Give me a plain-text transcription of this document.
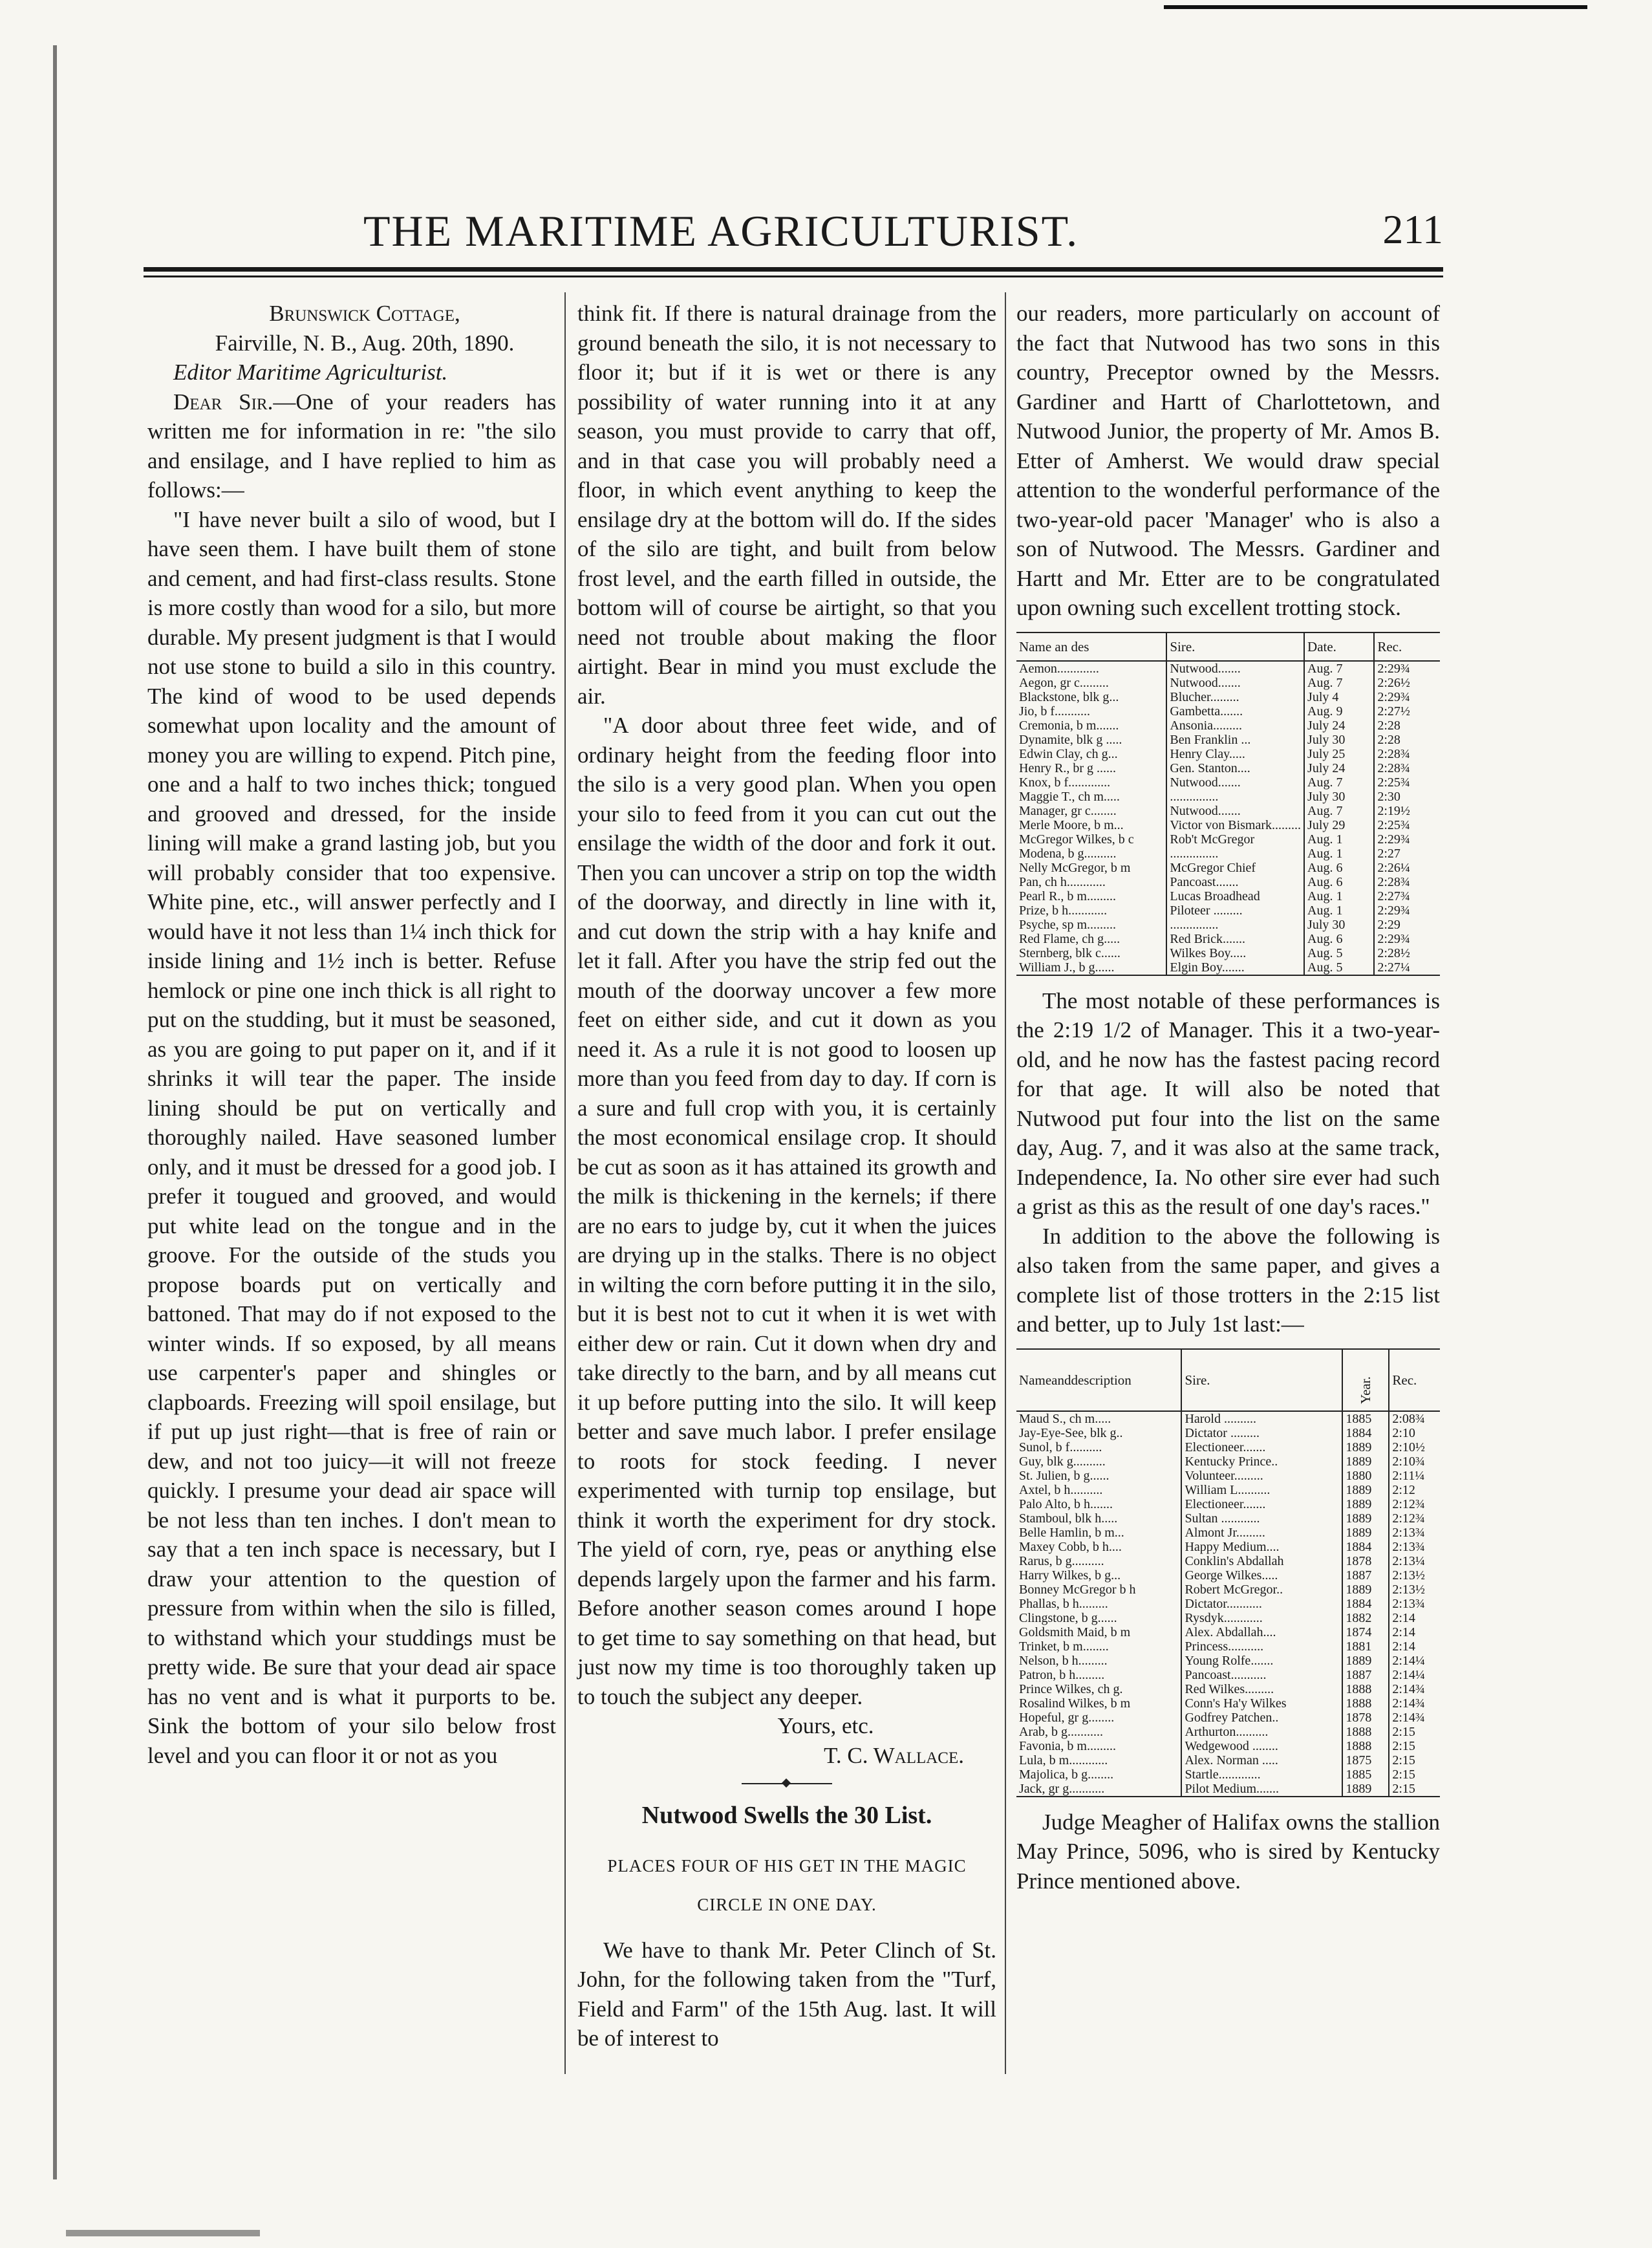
THE MARITIME AGRICULTURIST.	211

Brunswick Cottage,

Fairville, N. B., Aug. 20th, 1890.

Editor Maritime Agriculturist.

Dear Sir.—One of your readers has written me for information in re: "the silo and ensilage, and I have replied to him as follows:—

"I have never built a silo of wood, but I have seen them. I have built them of stone and cement, and had first-class results. Stone is more costly than wood for a silo, but more durable. My present judgment is that I would not use stone to build a silo in this country. The kind of wood to be used depends somewhat upon locality and the amount of money you are willing to expend. Pitch pine, one and a half to two inches thick; tongued and grooved and dressed, for the inside lining will make a grand lasting job, but you will probably consider that too expensive. White pine, etc., will answer perfectly and I would have it not less than 1¼ inch thick for inside lining and 1½ inch is better. Refuse hemlock or pine one inch thick is all right to put on the studding, but it must be seasoned, as you are going to put paper on it, and if it shrinks it will tear the paper. The inside lining should be put on vertically and thoroughly nailed. Have seasoned lumber only, and it must be dressed for a good job. I prefer it tougued and grooved, and would put white lead on the tongue and in the groove. For the outside of the studs you propose boards put on vertically and battoned. That may do if not exposed to the winter winds. If so exposed, by all means use carpenter's paper and shingles or clapboards. Freezing will spoil ensilage, but if put up just right—that is free of rain or dew, and not too juicy—it will not freeze quickly. I presume your dead air space will be not less than ten inches. I don't mean to say that a ten inch space is necessary, but I draw your attention to the question of pressure from within when the silo is filled, to withstand which your studdings must be pretty wide. Be sure that your dead air space has no vent and is what it purports to be. Sink the bottom of your silo below frost level and you can floor it or not as you

think fit. If there is natural drainage from the ground beneath the silo, it is not necessary to floor it; but if it is wet or there is any possibility of water running into it at any season, you must provide to carry that off, and in that case you will probably need a floor, in which event anything to keep the ensilage dry at the bottom will do. If the sides of the silo are tight, and built from below frost level, and the earth filled in outside, the bottom will of course be airtight, so that you need not trouble about making the floor airtight. Bear in mind you must exclude the air.

"A door about three feet wide, and of ordinary height from the feeding floor into the silo is a very good plan. When you open your silo to feed from it you can cut out the ensilage the width of the door and fork it out. Then you can uncover a strip on top the width of the doorway, and directly in line with it, and cut down the strip with a hay knife and let it fall. After you have the strip fed out the mouth of the doorway uncover a few more feet on either side, and cut it down as you need it. As a rule it is not good to loosen up more than you feed from day to day. If corn is a sure and full crop with you, it is certainly the most economical ensilage crop. It should be cut as soon as it has attained its growth and the milk is thickening in the kernels; if there are no ears to judge by, cut it when the juices are drying up in the stalks. There is no object in wilting the corn before putting it in the silo, but it is best not to cut it when it is wet with either dew or rain. Cut it down when dry and take directly to the barn, and by all means cut it up before putting into the silo. It will keep better and save much labor. I prefer ensilage to roots for stock feeding. I never experimented with turnip top ensilage, but think it worth the experiment for dry stock. The yield of corn, rye, peas or anything else depends largely upon the farmer and his farm. Before another season comes around I hope to get time to say something on that head, but just now my time is too thoroughly taken up to touch the subject any deeper.

Yours, etc.

T. C. Wallace.

Nutwood Swells the 30 List.

PLACES FOUR OF HIS GET IN THE MAGIC CIRCLE IN ONE DAY.

We have to thank Mr. Peter Clinch of St. John, for the following taken from the "Turf, Field and Farm" of the 15th Aug. last. It will be of interest to

our readers, more particularly on account of the fact that Nutwood has two sons in this country, Preceptor owned by the Messrs. Gardiner and Hartt of Charlottetown, and Nutwood Junior, the property of Mr. Amos B. Etter of Amherst. We would draw special attention to the wonderful performance of the two-year-old pacer 'Manager' who is also a son of Nutwood. The Messrs. Gardiner and Hartt and Mr. Etter are to be congratulated upon owning such excellent trotting stock.

Name an des	Sire.	Date.	Rec.
Aemon.............	Nutwood.......	Aug. 7	2:29¾
Aegon, gr c.........	Nutwood.......	Aug. 7	2:26½
Blackstone, blk g...	Blucher.........	July 4	2:29¾
Jio, b f...........	Gambetta.......	Aug. 9	2:27½
Cremonia, b m.......	Ansonia.........	July 24	2:28
Dynamite, blk g .....	Ben Franklin ...	July 30	2:28
Edwin Clay, ch g...	Henry Clay.....	July 25	2:28¾
Henry R., br g ......	Gen. Stanton....	July 24	2:28¾
Knox, b f.............	Nutwood.......	Aug. 7	2:25¾
Maggie T., ch m.....	...............	July 30	2:30
Manager, gr c........	Nutwood.......	Aug. 7	2:19½
Merle Moore, b m...	Victor von Bismark.........	July 29	2:25¾
McGregor Wilkes, b c	Rob't McGregor	Aug. 1	2:29¾
Modena, b g..........	...............	Aug. 1	2:27
Nelly McGregor, b m	McGregor Chief	Aug. 6	2:26¼
Pan, ch h............	Pancoast.......	Aug. 6	2:28¾
Pearl R., b m.........	Lucas Broadhead	Aug. 1	2:27¾
Prize, b h............	Piloteer .........	Aug. 1	2:29¾
Psyche, sp m.........	...............	July 30	2:29
Red Flame, ch g.....	Red Brick.......	Aug. 6	2:29¾
Sternberg, blk c......	Wilkes Boy.....	Aug. 5	2:28½
William J., b g......	Elgin Boy.......	Aug. 5	2:27¼

The most notable of these performances is the 2:19 1/2 of Manager. This it a two-year-old, and he now has the fastest pacing record for that age. It will also be noted that Nutwood put four into the list on the same day, Aug. 7, and it was also at the same track, Independence, Ia. No other sire ever had such a grist as this as the result of one day's races."

In addition to the above the following is also taken from the same paper, and gives a complete list of those trotters in the 2:15 list and better, up to July 1st last:—

Nameanddescription	Sire.	Year.	Rec.
Maud S., ch m.....	Harold ..........	1885	2:08¾
Jay-Eye-See, blk g..	Dictator .........	1884	2:10
Sunol, b f..........	Electioneer.......	1889	2:10½
Guy, blk g..........	Kentucky Prince..	1889	2:10¾
St. Julien, b g......	Volunteer.........	1880	2:11¼
Axtel, b h..........	William L..........	1889	2:12
Palo Alto, b h.......	Electioneer.......	1889	2:12¾
Stamboul, blk h.....	Sultan ............	1889	2:12¾
Belle Hamlin, b m...	Almont Jr.........	1889	2:13¾
Maxey Cobb, b h....	Happy Medium....	1884	2:13¾
Rarus, b g..........	Conklin's Abdallah	1878	2:13¼
Harry Wilkes, b g...	George Wilkes.....	1887	2:13½
Bonney McGregor b h	Robert McGregor..	1889	2:13½
Phallas, b h.........	Dictator...........	1884	2:13¾
Clingstone, b g......	Rysdyk............	1882	2:14
Goldsmith Maid, b m	Alex. Abdallah....	1874	2:14
Trinket, b m........	Princess...........	1881	2:14
Nelson, b h.........	Young Rolfe.......	1889	2:14¼
Patron, b h.........	Pancoast...........	1887	2:14¼
Prince Wilkes, ch g.	Red Wilkes.........	1888	2:14¾
Rosalind Wilkes, b m	Conn's Ha'y Wilkes	1888	2:14¾
Hopeful, gr g........	Godfrey Patchen..	1878	2:14¾
Arab, b g...........	Arthurton..........	1888	2:15
Favonia, b m.........	Wedgewood ........	1888	2:15
Lula, b m............	Alex. Norman .....	1875	2:15
Majolica, b g........	Startle.............	1885	2:15
Jack, gr g...........	Pilot Medium.......	1889	2:15

Judge Meagher of Halifax owns the stallion May Prince, 5096, who is sired by Kentucky Prince mentioned above.
